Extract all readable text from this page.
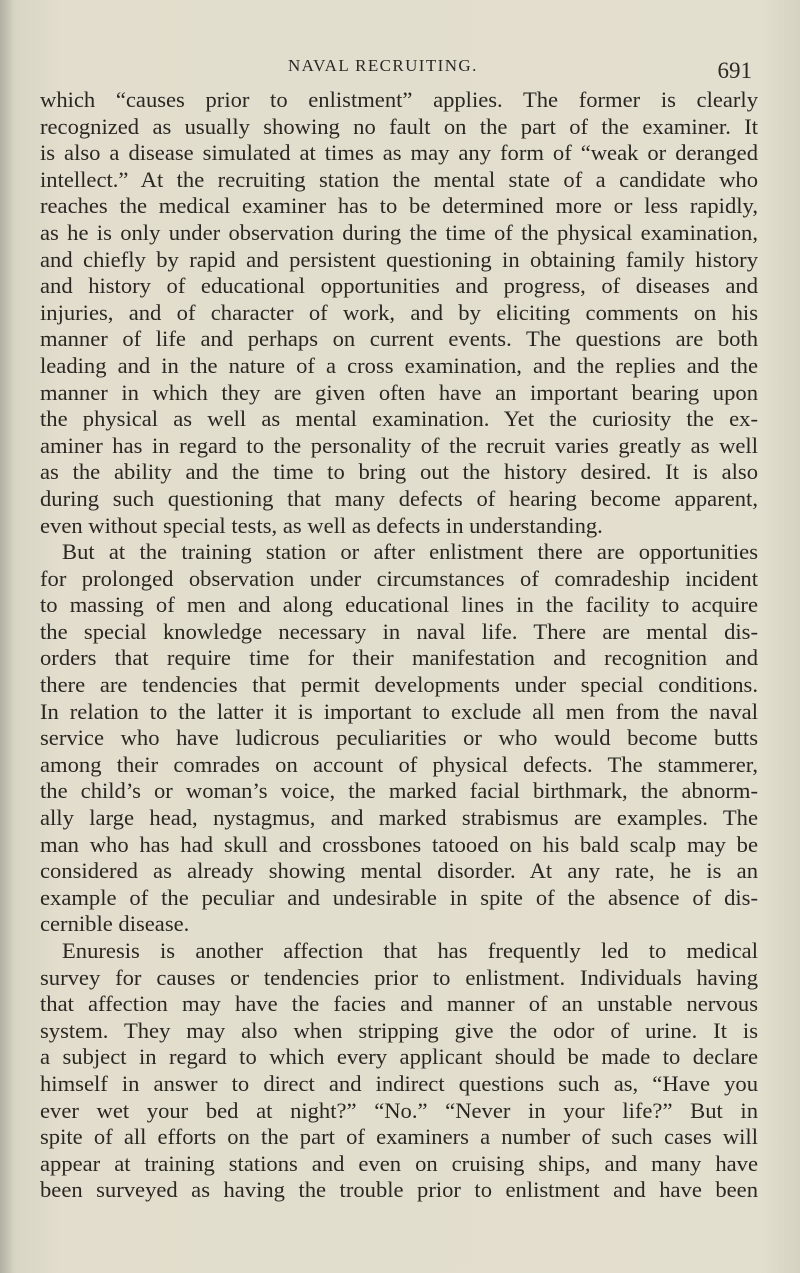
NAVAL RECRUITING.	691
which “causes prior to enlistment” applies. The former is clearly
recognized as usually showing no fault on the part of the examiner. It
is also a disease simulated at times as may any form of “weak or deranged
intellect.” At the recruiting station the mental state of a candidate who
reaches the medical examiner has to be determined more or less rapidly,
as he is only under observation during the time of the physical examination,
and chiefly by rapid and persistent questioning in obtaining family history
and history of educational opportunities and progress, of diseases and
injuries, and of character of work, and by eliciting comments on his
manner of life and perhaps on current events. The questions are both
leading and in the nature of a cross examination, and the replies and the
manner in which they are given often have an important bearing upon
the physical as well as mental examination. Yet the curiosity the ex-
aminer has in regard to the personality of the recruit varies greatly as well
as the ability and the time to bring out the history desired. It is also
during such questioning that many defects of hearing become apparent,
even without special tests, as well as defects in understanding.
But at the training station or after enlistment there are opportunities
for prolonged observation under circumstances of comradeship incident
to massing of men and along educational lines in the facility to acquire
the special knowledge necessary in naval life. There are mental dis-
orders that require time for their manifestation and recognition and
there are tendencies that permit developments under special conditions.
In relation to the latter it is important to exclude all men from the naval
service who have ludicrous peculiarities or who would become butts
among their comrades on account of physical defects. The stammerer,
the child’s or woman’s voice, the marked facial birthmark, the abnorm-
ally large head, nystagmus, and marked strabismus are examples. The
man who has had skull and crossbones tatooed on his bald scalp may be
considered as already showing mental disorder. At any rate, he is an
example of the peculiar and undesirable in spite of the absence of dis-
cernible disease.
Enuresis is another affection that has frequently led to medical
survey for causes or tendencies prior to enlistment. Individuals having
that affection may have the facies and manner of an unstable nervous
system. They may also when stripping give the odor of urine. It is
a subject in regard to which every applicant should be made to declare
himself in answer to direct and indirect questions such as, “Have you
ever wet your bed at night?” “No.” “Never in your life?” But in
spite of all efforts on the part of examiners a number of such cases will
appear at training stations and even on cruising ships, and many have
been surveyed as having the trouble prior to enlistment and have been
